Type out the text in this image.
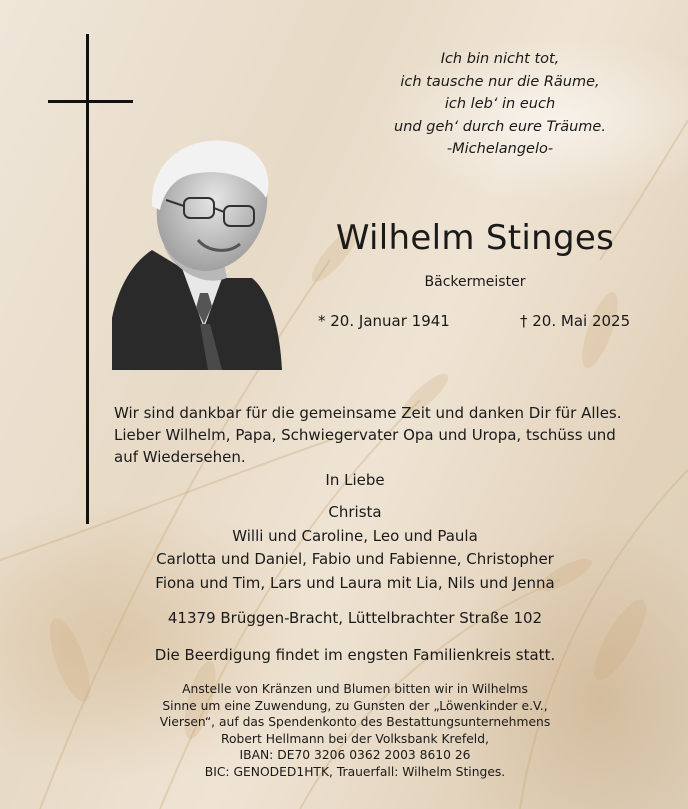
Ich bin nicht tot,
ich tausche nur die Räume,
ich leb‘ in euch
und geh‘ durch eure Träume.
-Michelangelo-
Wilhelm Stinges
Bäckermeister
* 20. Januar 1941	† 20. Mai 2025
Wir sind dankbar für die gemeinsame Zeit und danken Dir für Alles.
Lieber Wilhelm, Papa, Schwiegervater Opa und Uropa, tschüss und
auf Wiedersehen.
In Liebe
Christa
Willi und Caroline, Leo und Paula
Carlotta und Daniel, Fabio und Fabienne, Christopher
Fiona und Tim, Lars und Laura mit Lia, Nils und Jenna
41379 Brüggen-Bracht, Lüttelbrachter Straße 102
Die Beerdigung findet im engsten Familienkreis statt.
Anstelle von Kränzen und Blumen bitten wir in Wilhelms
Sinne um eine Zuwendung, zu Gunsten der „Löwenkinder e.V.,
Viersen“, auf das Spendenkonto des Bestattungsunternehmens
Robert Hellmann bei der Volksbank Krefeld,
IBAN: DE70 3206 0362 2003 8610 26
BIC: GENODED1HTK, Trauerfall: Wilhelm Stinges.
